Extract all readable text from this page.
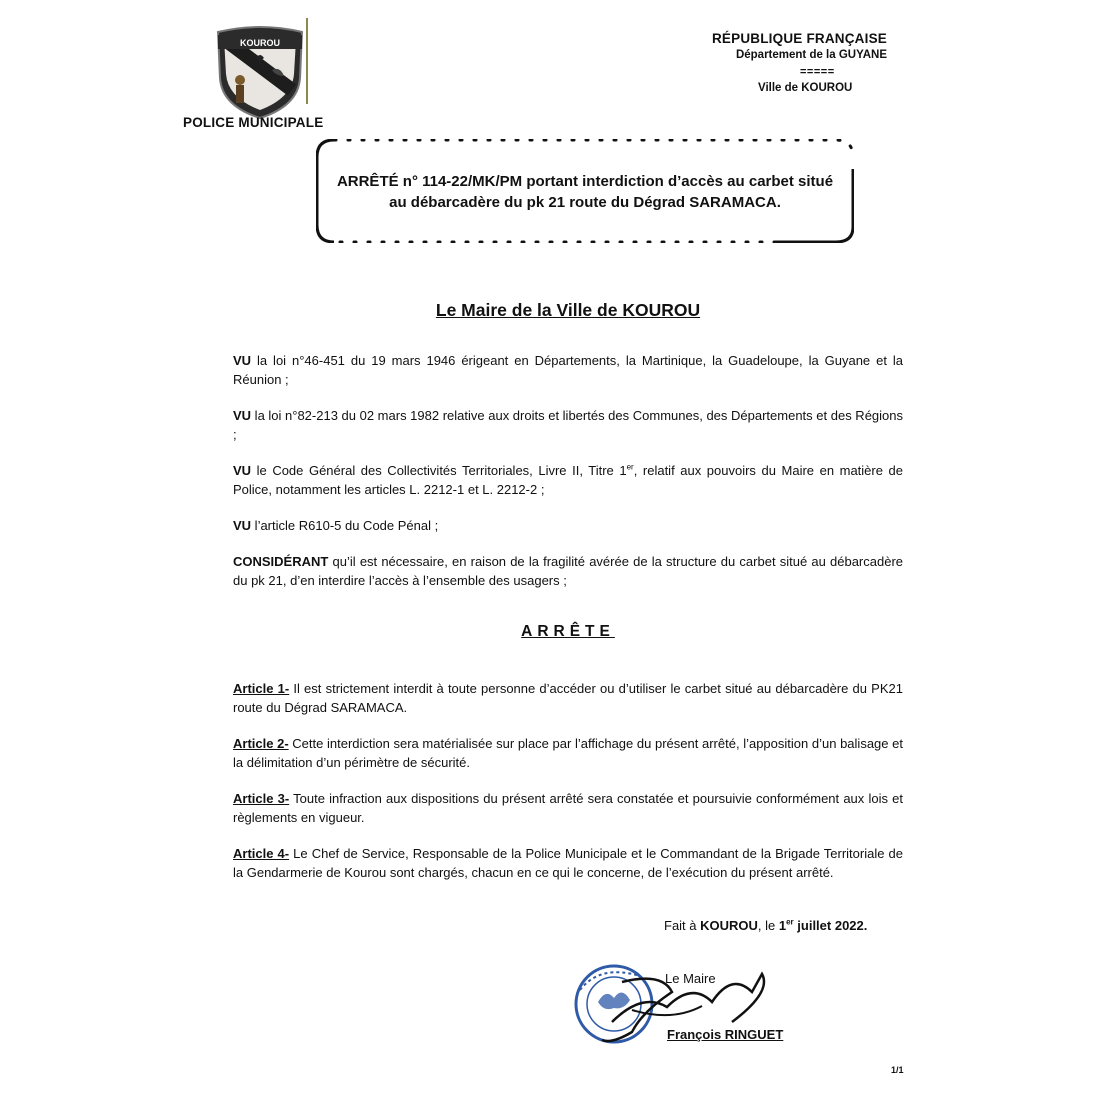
KOUROU
POLICE MUNICIPALE
RÉPUBLIQUE FRANÇAISE
Département de la GUYANE
=====
Ville de KOUROU
ARRÊTÉ n° 114-22/MK/PM portant interdiction d’accès au carbet situé
au débarcadère du pk 21 route du Dégrad SARAMACA.
Le Maire de la Ville de KOUROU
VU la loi n°46-451 du 19 mars 1946 érigeant en Départements, la Martinique, la Guadeloupe, la Guyane et la Réunion ;
VU la loi n°82-213 du 02 mars 1982 relative aux droits et libertés des Communes, des Départements et des Régions ;
VU le Code Général des Collectivités Territoriales, Livre II, Titre 1er, relatif aux pouvoirs du Maire en matière de Police, notamment les articles L. 2212-1 et L. 2212-2 ;
VU l’article R610-5 du Code Pénal ;
CONSIDÉRANT qu’il est nécessaire, en raison de la fragilité avérée de la structure du carbet situé au débarcadère du pk 21, d’en interdire l’accès à l’ensemble des usagers ;
ARRÊTE
Article 1- Il est strictement interdit à toute personne d’accéder ou d’utiliser le carbet situé au débarcadère du PK21 route du Dégrad SARAMACA.
Article 2- Cette interdiction sera matérialisée sur place par l’affichage du présent arrêté, l’apposition d’un balisage et la délimitation d’un périmètre de sécurité.
Article 3- Toute infraction aux dispositions du présent arrêté sera constatée et poursuivie conformément aux lois et règlements en vigueur.
Article 4- Le Chef de Service, Responsable de la Police Municipale et le Commandant de la Brigade Territoriale de la Gendarmerie de Kourou sont chargés, chacun en ce qui le concerne, de l’exécution du présent arrêté.
Fait à KOUROU, le 1er juillet 2022.
Le Maire
François RINGUET
1/1
